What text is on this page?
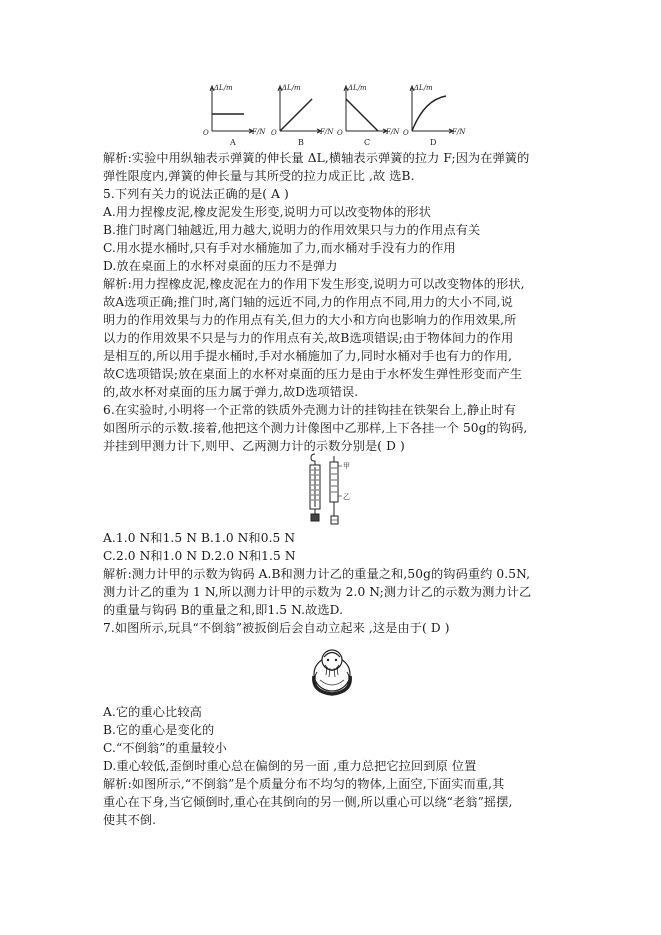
ΔL/m
F/N
O
ΔL/m
F/N
O
ΔL/m
F/N
O
ΔL/m
F/N
O
A	B	C	D
解析:实验中用纵轴表示弹簧的伸长量 ΔL,横轴表示弹簧的拉力 F;因为在弹簧的
弹性限度内,弹簧的伸长量与其所受的拉力成正比 ,故 选B.
5.下列有关力的说法正确的是( A )
A.用力捏橡皮泥,橡皮泥发生形变,说明力可以改变物体的形状
B.推门时离门轴越近,用力越大,说明力的作用效果只与力的作用点有关
C.用水提水桶时,只有手对水桶施加了力,而水桶对手没有力的作用
D.放在桌面上的水杯对桌面的压力不是弹力
解析:用力捏橡皮泥,橡皮泥在力的作用下发生形变,说明力可以改变物体的形状,
故A选项正确;推门时,离门轴的远近不同,力的作用点不同,用力的大小不同,说
明力的作用效果与力的作用点有关,但力的大小和方向也影响力的作用效果,所
以力的作用效果不只是与力的作用点有关,故B选项错误;由于物体间力的作用
是相互的,所以用手提水桶时,手对水桶施加了力,同时水桶对手也有力的作用,
故C选项错误;放在桌面上的水杯对桌面的压力是由于水杯发生弹性形变而产生
的,故水杯对桌面的压力属于弹力,故D选项错误.
6.在实验时,小明将一个正常的铁质外壳测力计的挂钩挂在铁架台上,静止时有
如图所示的示数.接着,他把这个测力计像图中乙那样,上下各挂一个 50g的钩码,
并挂到甲测力计下,则甲、乙两测力计的示数分别是( D )
甲
乙
A.1.0 N和1.5 N B.1.0 N和0.5 N
C.2.0 N和1.0 N D.2.0 N和1.5 N
解析:测力计甲的示数为钩码 A.B和测力计乙的重量之和,50g的钩码重约 0.5N,
测力计乙的重为 1 N,所以测力计甲的示数为 2.0 N;测力计乙的示数为测力计乙
的重量与钩码 B的重量之和,即1.5 N.故选D.
7.如图所示,玩具“不倒翁”被扳倒后会自动立起来 ,这是由于( D )
A.它的重心比较高
B.它的重心是变化的
C.“不倒翁”的重量较小
D.重心较低,歪倒时重心总在偏倒的另一面 ,重力总把它拉回到原 位置
解析:如图所示,“不倒翁”是个质量分布不均匀的物体,上面空,下面实而重,其
重心在下身,当它倾倒时,重心在其倒向的另一侧,所以重心可以绕“老翁”摇摆,
使其不倒.
